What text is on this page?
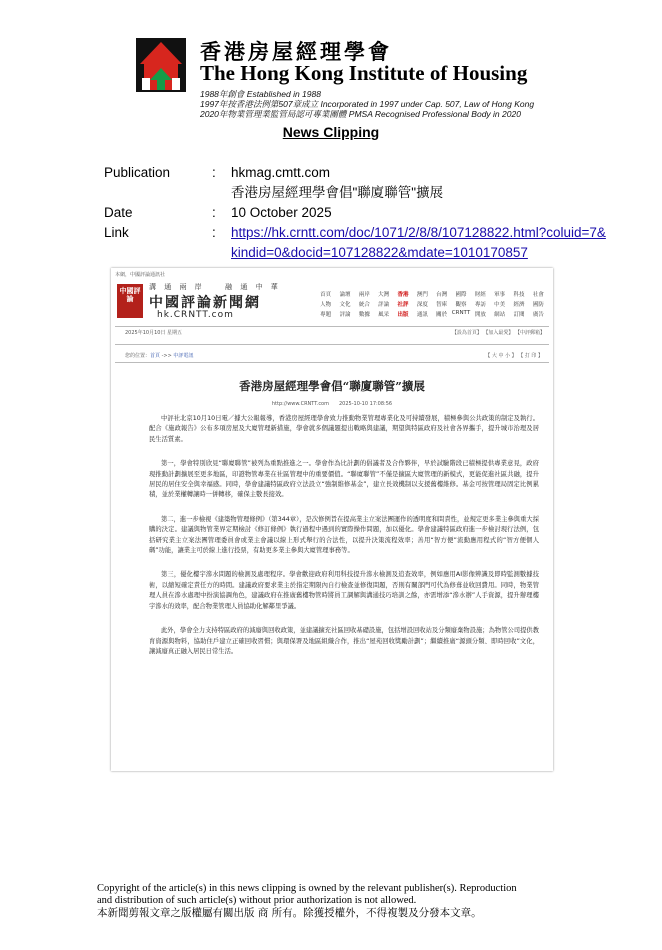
香港房屋經理學會
The Hong Kong Institute of Housing
1988年創會 Established in 1988
1997年按香港法例第507章成立 Incorporated in 1997 under Cap. 507, Law of Hong Kong
2020年物業管理業監管局認可專業團體 PMSA Recognised Professional Body in 2020
News Clipping
Publication	: hkmag.cmtt.com
香港房屋經理學會倡"聯廈聯管"擴展
Date	: 10 October 2025
Link	: https://hk.crntt.com/doc/1071/2/8/8/107128822.html?coluid=7&
kindid=0&docid=107128822&mdate=1010170857
本網，中國評論通訊社
中國評論
溝 通 兩 岸 　 融 通 中 華
中國評論新聞網
hk.CRNTT.com
首頁	論壇	兩岸	大灣	香港	澳門	台灣	國際	財經	軍事	科技	社會
人物	文化	統合	評論	社評	深度	智庫	觀察	專訪	中美	經濟	國防
專題	評論	數據	風采	出版	通訊	關於 CRNTT 開放	網站	訂閱	廣告
2025年10月10日 星期五	【設為首頁】 【加入最愛】 【中評郵箱】
您的位置：首頁 ->> 中評電訊	【 大 中 小 】 【 打 印 】
香港房屋經理學會倡“聯廈聯管”擴展
http://www.CRNTT.com　　2025-10-10 17:08:56

中評社北京10月10日電／據大公報報導，香港房屋經理學會致力推動物業管理專業化及可持續發展，積極參與公共政策的制定及執行。配合《施政報告》公布多項房屋及大廈管理新措施，學會就多個議題提出戰略與建議，期望與特區政府及社會各界攜手，提升城市治理及居民生活質素。

第一，學會特別欣見“聯廈聯管”被列為重點推進之一。學會作為比計劃的倡議者及合作夥伴，早於試驗階段已積極提供專業意見，政府現推動計劃擴展至更多地區，印證物管專業在社區管理中的重要價值。“聯廈聯管”不僅是擴區大廈管理的新模式，更能促進社區共融，提升居民的居住安全與幸福感。同時，學會建議特區政府立法設立“強制維修基金”，建立長效機制以支援舊樓維修。基金可按管理局固定比例累積，並於業權轉讓時一併轉移，確保主數長接效。

第二，進一步檢視《建築物管理條例》（第344章），是次修例旨在提高業主立案法團運作的透明度和問責性，並規定更多業主參與重大採購的決定。建議與物管業界定期檢討《修訂條例》執行過程中遇到的實際操作問題，加以優化。學會建議特區政府進一步檢討現行法例，包括研究業主立案法團管理委員會或業主會議以線上形式舉行的合法性，以提升決策流程效率；善用“智方便”流動應用程式的“智方便個人碼”功能，讓業主可於線上進行投票，有助更多業主參與大廈管理事務等。

第三，優化樓宇滲水問題的檢測及處理程序。學會歡迎政府利用科技提升滲水檢測及追查效率，例如應用AI影像辨識及即時監測數據技術，以縮短確定責任方的時間。建議政府要求業主於指定期限內自行檢查並修復問題，否則有關部門可代為修葺並收回費用。同時，物業管理人員在滲水處理中扮演協調角色，建議政府在推廣舊樓物管時將員工調解與溝通技巧培訓之餘，亦需增添“滲水辦”人手資源，提升辦理樓宇滲水的效率，配合物業管理人員協助化解鄰里爭議。

此外，學會全力支持特區政府的減廢與回收政策，並建議擴充社區回收基礎設施，包括增設回收站及分類廢棄物設施；為物管公司提供教育資源與物料，協助住戶建立正確回收習慣；與環保署及地區組織合作，推出“屋苑回收獎勵計劃”；繼續推廣“源頭分類、即時回收”文化，讓減廢真正融入居民日常生活。

Copyright of the article(s) in this news clipping is owned by the relevant publisher(s). Reproduction
and distribution of such article(s) without prior authorization is not allowed.
本新聞剪報文章之版權屬有關出版 商 所有。除獲授權外，不得複製及分發本文章。
